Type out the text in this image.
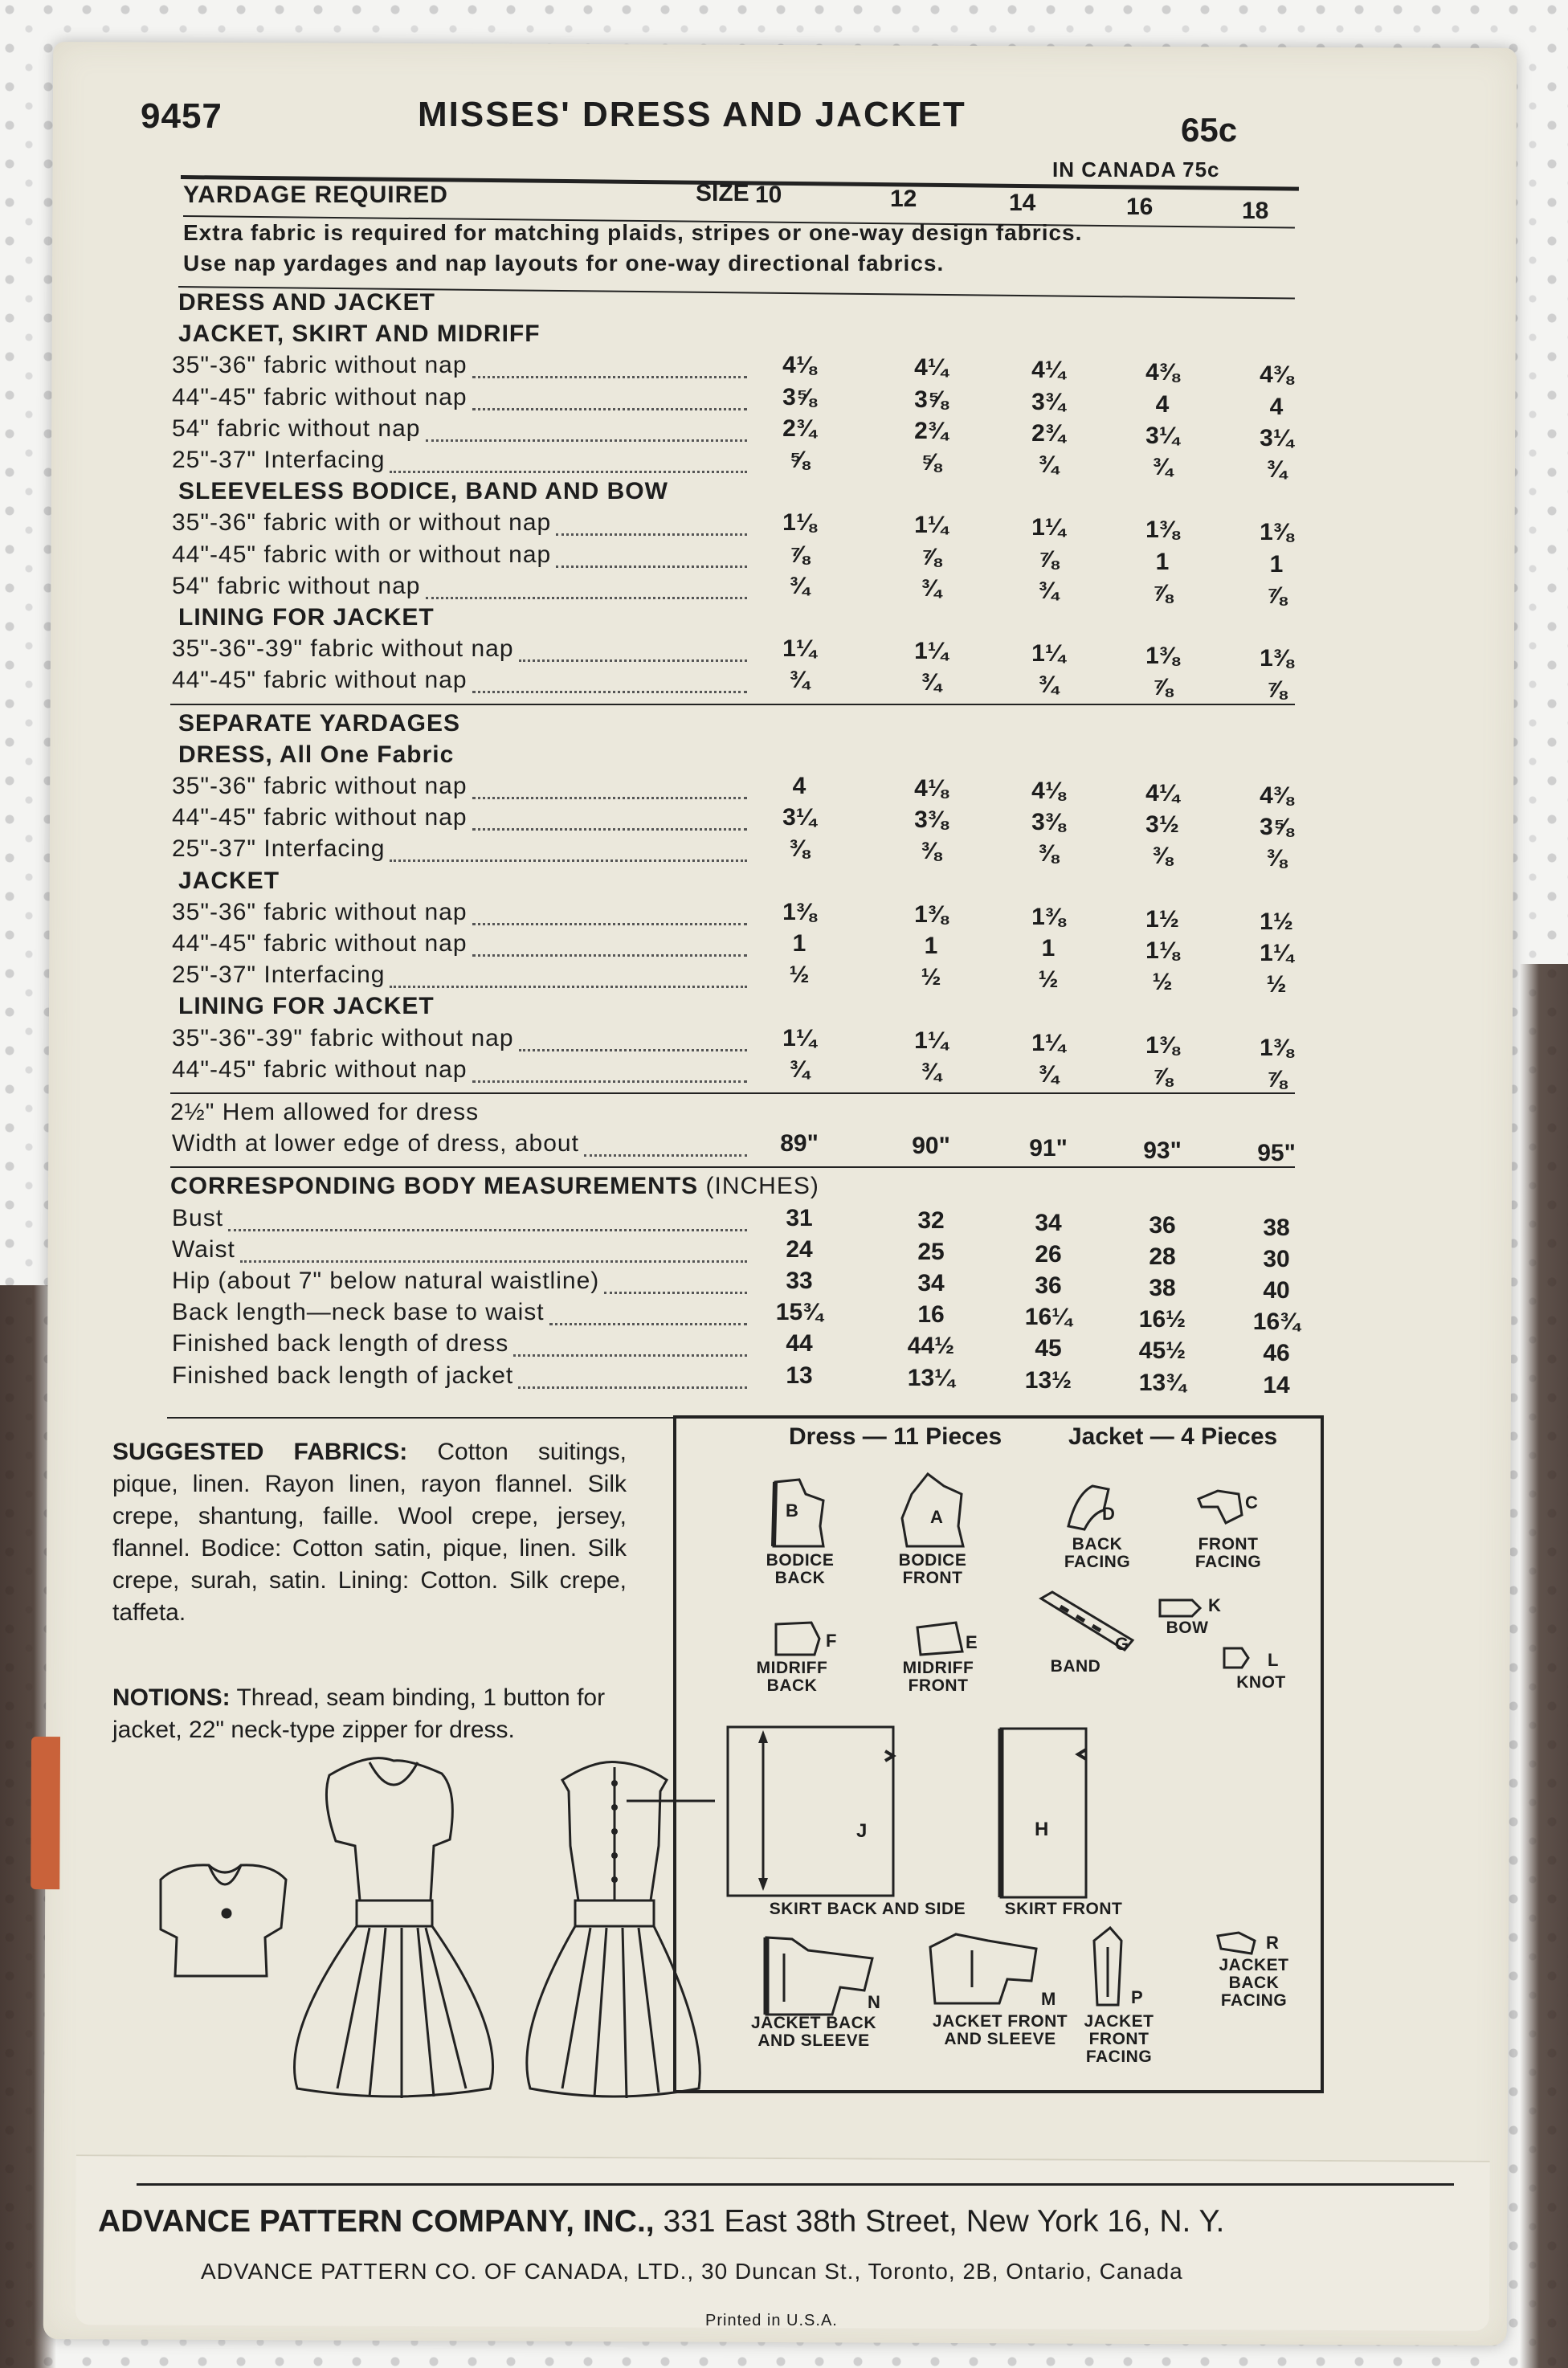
9457	MISSES' DRESS AND JACKET	65c
IN CANADA 75c
YARDAGE REQUIRED	SIZE 10	12	14	16	18
Extra fabric is required for matching plaids, stripes or one-way design fabrics.
Use nap yardages and nap layouts for one-way directional fabrics.
DRESS AND JACKET
JACKET, SKIRT AND MIDRIFF
35"-36" fabric without nap	4⅛	4¼	4¼	4⅜	4⅜
44"-45" fabric without nap	3⅝	3⅝	3¾	4	4
54" fabric without nap	2¾	2¾	2¾	3¼	3¼
25"-37" Interfacing	⅝	⅝	¾	¾	¾
SLEEVELESS BODICE, BAND AND BOW
35"-36" fabric with or without nap	1⅛	1¼	1¼	1⅜	1⅜
44"-45" fabric with or without nap	⅞	⅞	⅞	1	1
54" fabric without nap	¾	¾	¾	⅞	⅞
LINING FOR JACKET
35"-36"-39" fabric without nap	1¼	1¼	1¼	1⅜	1⅜
44"-45" fabric without nap	¾	¾	¾	⅞	⅞
SEPARATE YARDAGES
DRESS, All One Fabric
35"-36" fabric without nap	4	4⅛	4⅛	4¼	4⅜
44"-45" fabric without nap	3¼	3⅜	3⅜	3½	3⅝
25"-37" Interfacing	⅜	⅜	⅜	⅜	⅜
JACKET
35"-36" fabric without nap	1⅜	1⅜	1⅜	1½	1½
44"-45" fabric without nap	1	1	1	1⅛	1¼
25"-37" Interfacing	½	½	½	½	½
LINING FOR JACKET
35"-36"-39" fabric without nap	1¼	1¼	1¼	1⅜	1⅜
44"-45" fabric without nap	¾	¾	¾	⅞	⅞
2½" Hem allowed for dress
Width at lower edge of dress, about	89"	90"	91"	93"	95"
CORRESPONDING BODY MEASUREMENTS (INCHES)
Bust	31	32	34	36	38
Waist	24	25	26	28	30
Hip (about 7" below natural waistline)	33	34	36	38	40
Back length—neck base to waist	15¾	16	16¼	16½	16¾
Finished back length of dress	44	44½	45	45½	46
Finished back length of jacket	13	13¼	13½	13¾	14
SUGGESTED FABRICS: Cotton suitings, pique, linen. Rayon linen, rayon flannel. Silk crepe, shantung, faille. Wool crepe, jersey, flannel. Bodice: Cotton satin, pique, linen. Silk crepe, surah, satin. Lining: Cotton. Silk crepe, taffeta.
NOTIONS: Thread, seam binding, 1 button for jacket, 22" neck-type zipper for dress.
Dress — 11 Pieces	Jacket — 4 Pieces
B
BODICE BACK
A
BODICE FRONT
D
BACK FACING
C
FRONT FACING
F
MIDRIFF BACK
E
MIDRIFF FRONT
G
BAND
K
BOW
L
KNOT
J
SKIRT BACK AND SIDE
H
SKIRT FRONT
N
JACKET BACK AND SLEEVE
M
JACKET FRONT AND SLEEVE
P
JACKET FRONT FACING
R
JACKET BACK FACING
ADVANCE PATTERN COMPANY, INC., 331 East 38th Street, New York 16, N. Y.
ADVANCE PATTERN CO. OF CANADA, LTD., 30 Duncan St., Toronto, 2B, Ontario, Canada
Printed in U.S.A.
